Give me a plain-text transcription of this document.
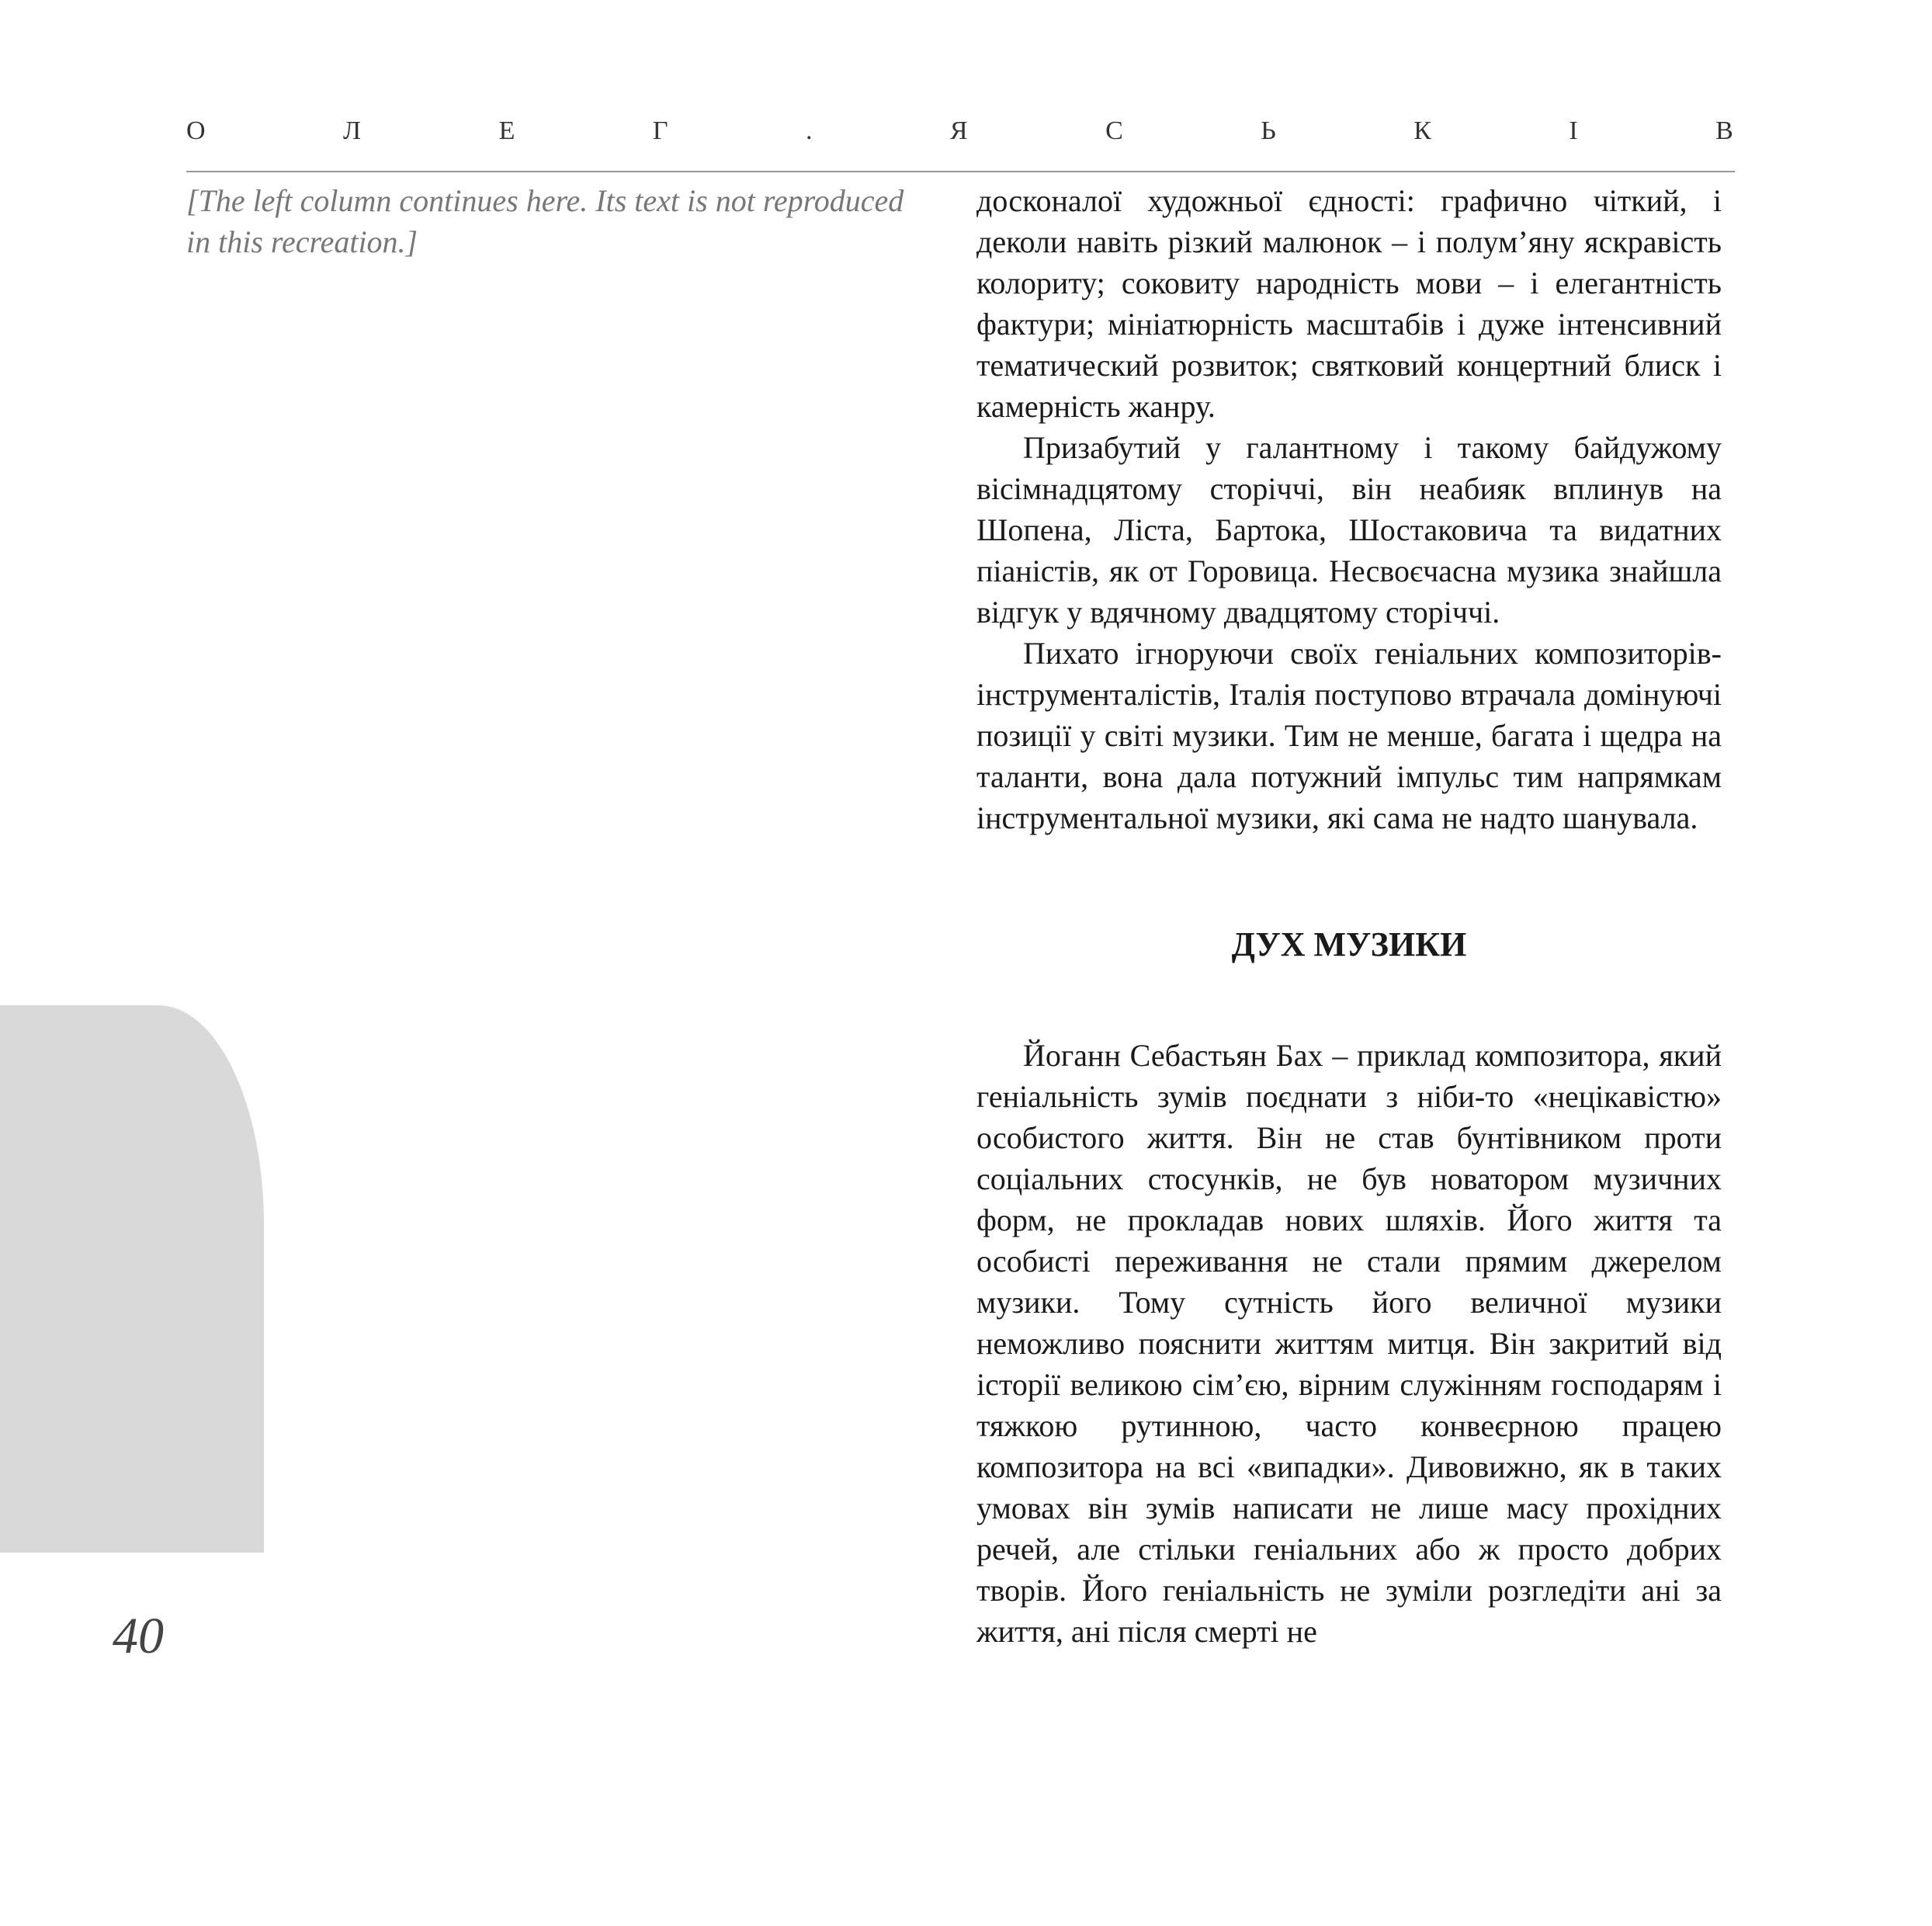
О	Л	Е	Г	.	Я	С	Ь	К	І	В

[The left column continues here. Its text is not reproduced in this recreation.]

досконалої художньої єдності: графично чіткий, і деколи навіть різкий малюнок – і полум’яну яскравість колориту; соковиту народність мови – і елегантність фактури; мініатюрність масштабів і дуже інтенсивний тематический розвиток; святковий концертний блиск і камерність жанру.

Призабутий у галантному і такому байдужому вісімнадцятому сторіччі, він неабияк вплинув на Шопена, Ліста, Бартока, Шостаковича та видатних піаністів, як от Горовица. Несвоєчасна музика знайшла відгук у вдячному двадцятому сторіччі.

Пихато ігноруючи своїх геніальних композиторів-інструменталістів, Італія поступово втрачала домінуючі позиції у світі музики. Тим не менше, багата і щедра на таланти, вона дала потужний імпульс тим напрямкам інструментальної музики, які сама не надто шанувала.

ДУХ МУЗИКИ

Йоганн Себастьян Бах – приклад композитора, який геніальність зумів поєднати з ніби-то «нецікавістю» особистого життя. Він не став бунтівником проти соціальних стосунків, не був новатором музичних форм, не прокладав нових шляхів. Його життя та особисті переживання не стали прямим джерелом музики. Тому сутність його величної музики неможливо пояснити життям митця. Він закритий від історії великою сім’єю, вірним служінням господарям і тяжкою рутинною, часто конвеєрною працею композитора на всі «випадки». Дивовижно, як в таких умовах він зумів написати не лише масу прохідних речей, але стільки геніальних або ж просто добрих творів. Його геніальність не зуміли розгледіти ані за життя, ані після смерті не

40
